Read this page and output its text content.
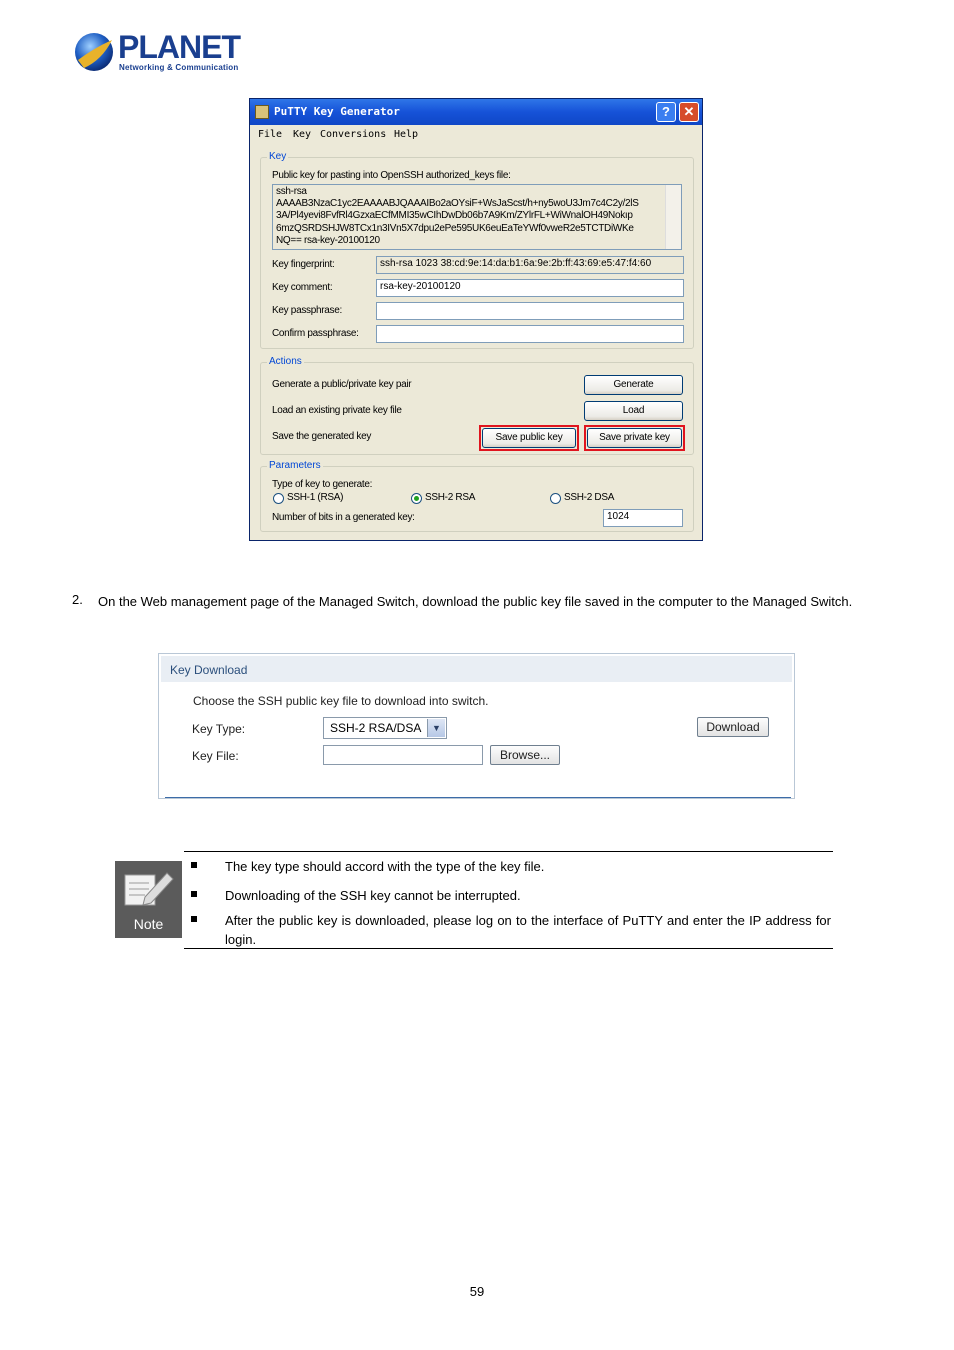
PLANET
Networking & Communication
PuTTY Key Generator	?	✕
File Key Conversions Help
Key
Public key for pasting into OpenSSH authorized_keys file:
ssh-rsa
AAAAB3NzaC1yc2EAAAABJQAAAIBo2aOYsiF+WsJaScst/h+ny5woU3Jm7c4C2y/2lS
3A/Pl4yevi8FvfRl4GzxaECfMMI35wCIhDwDb06b7A9Km/ZYlrFL+WiWnalOH49Nokıp
6mzQSRDSHJW8TCx1n3IVn5X7dpu2ePe595UK6euEaTeYWf0vweR2e5TCTDiWKe
NQ== rsa-key-20100120
Key fingerprint:	ssh-rsa 1023 38:cd:9e:14:da:b1:6a:9e:2b:ff:43:69:e5:47:f4:60
Key comment:	rsa-key-20100120
Key passphrase:
Confirm passphrase:
Actions
Generate a public/private key pair	Generate
Load an existing private key file	Load
Save the generated key	Save public key	Save private key
Parameters
Type of key to generate:
SSH-1 (RSA)	SSH-2 RSA	SSH-2 DSA
Number of bits in a generated key:	1024
2. On the Web management page of the Managed Switch, download the public key file saved in the computer to the Managed Switch.
Key Download
Choose the SSH public key file to download into switch.
Key Type:	SSH-2 RSA/DSA	▼
Key File:	Browse...
Download
Note
The key type should accord with the type of the key file.
Downloading of the SSH key cannot be interrupted.
After the public key is downloaded, please log on to the interface of PuTTY and enter the IP address for login.
59
